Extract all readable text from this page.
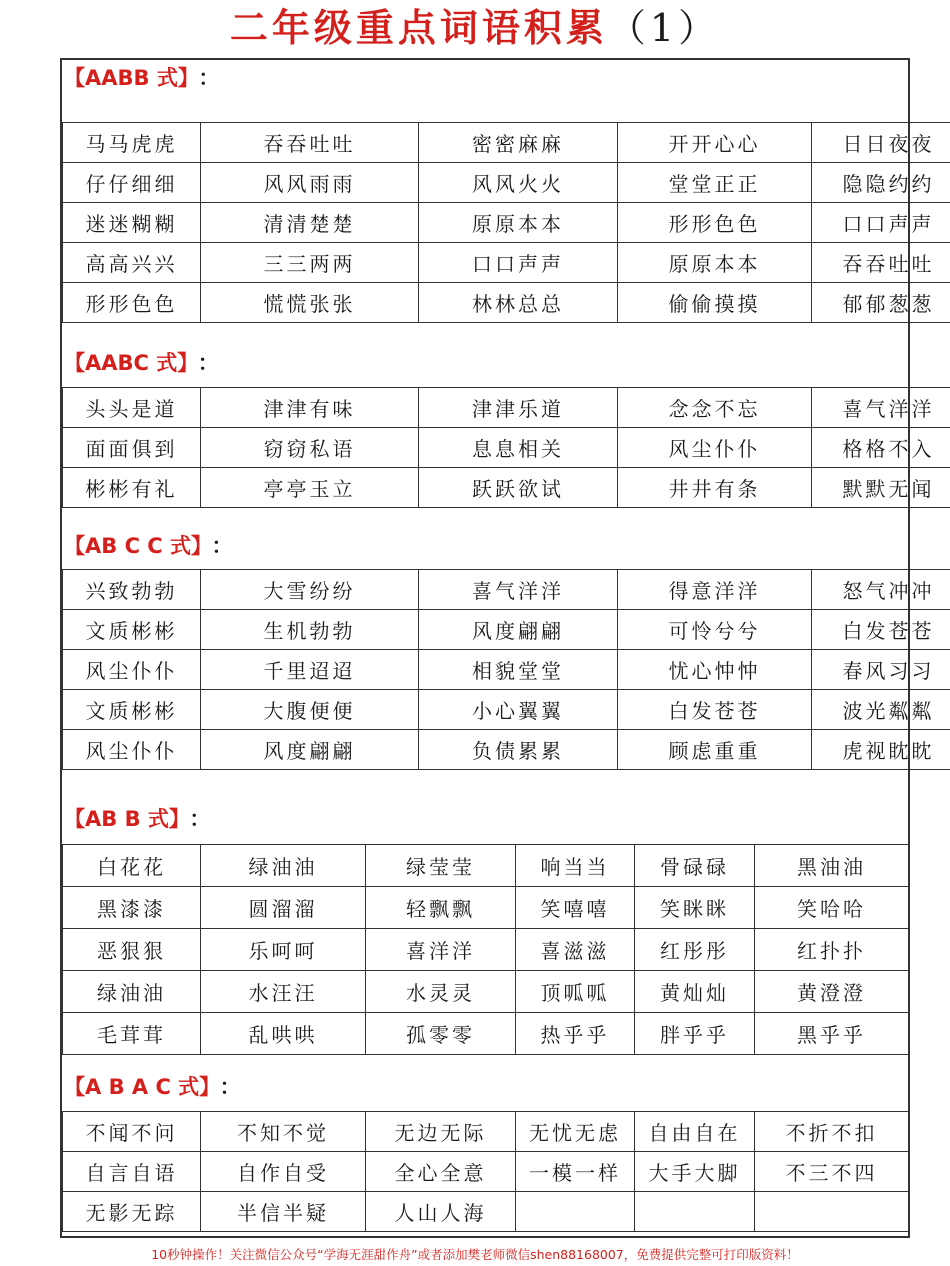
二年级重点词语积累（1）
【AABB 式】 ：
马马虎虎	吞吞吐吐	密密麻麻	开开心心	日日夜夜
仔仔细细	风风雨雨	风风火火	堂堂正正	隐隐约约
迷迷糊糊	清清楚楚	原原本本	形形色色	口口声声
高高兴兴	三三两两	口口声声	原原本本	吞吞吐吐
形形色色	慌慌张张	林林总总	偷偷摸摸	郁郁葱葱
【AABC 式】 ：
头头是道	津津有味	津津乐道	念念不忘	喜气洋洋
面面俱到	窃窃私语	息息相关	风尘仆仆	格格不入
彬彬有礼	亭亭玉立	跃跃欲试	井井有条	默默无闻
【AB C C 式】 ：
兴致勃勃	大雪纷纷	喜气洋洋	得意洋洋	怒气冲冲
文质彬彬	生机勃勃	风度翩翩	可怜兮兮	白发苍苍
风尘仆仆	千里迢迢	相貌堂堂	忧心忡忡	春风习习
文质彬彬	大腹便便	小心翼翼	白发苍苍	波光粼粼
风尘仆仆	风度翩翩	负债累累	顾虑重重	虎视眈眈
【AB B 式】 ：
白花花	绿油油	绿莹莹	响当当	骨碌碌	黑油油
黑漆漆	圆溜溜	轻飘飘	笑嘻嘻	笑眯眯	笑哈哈
恶狠狠	乐呵呵	喜洋洋	喜滋滋	红彤彤	红扑扑
绿油油	水汪汪	水灵灵	顶呱呱	黄灿灿	黄澄澄
毛茸茸	乱哄哄	孤零零	热乎乎	胖乎乎	黑乎乎
【A B A C 式】 ：
不闻不问	不知不觉	无边无际	无忧无虑	自由自在	不折不扣
自言自语	自作自受	全心全意	一模一样	大手大脚	不三不四
无影无踪	半信半疑	人山人海			
10秒钟操作！关注微信公众号“学海无涯甜作舟”或者添加樊老师微信shen88168007，免费提供完整可打印版资料！
